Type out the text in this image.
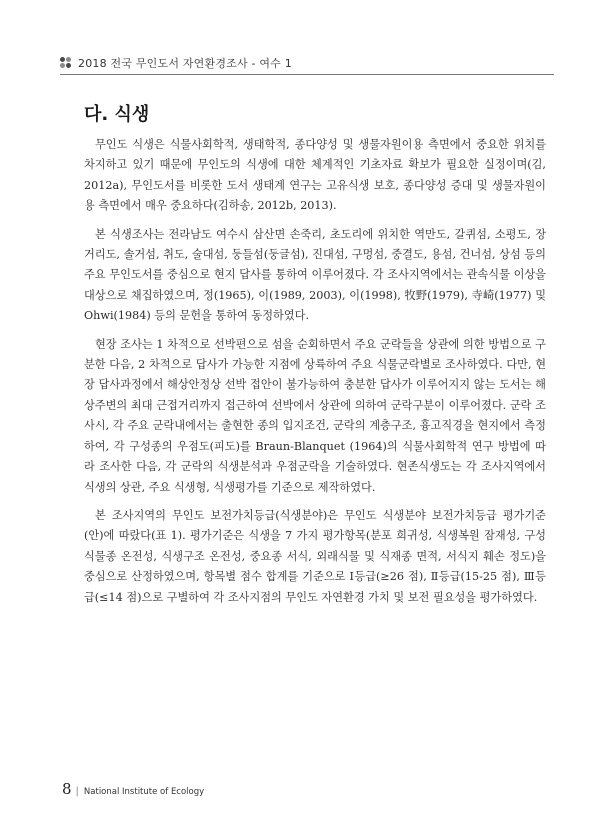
2018 전국 무인도서 자연환경조사 - 여수 1
다. 식생

무인도 식생은 식물사회학적, 생태학적, 종다양성 및 생물자원이용 측면에서 중요한 위치를 차지하고 있기 때문에 무인도의 식생에 대한 체계적인 기초자료 확보가 필요한 실정이며(김, 2012a), 무인도서를 비롯한 도서 생태계 연구는 고유식생 보호, 종다양성 증대 및 생물자원이용 측면에서 매우 중요하다(김하송, 2012b, 2013).

본 식생조사는 전라남도 여수시 삼산면 손죽리, 초도리에 위치한 역만도, 갈퀴섬, 소평도, 장거리도, 솔거섬, 취도, 술대섬, 둥들섬(둥글섬), 진대섬, 구멍섬, 중결도, 용섬, 건너섬, 상섬 등의 주요 무인도서를 중심으로 현지 답사를 통하여 이루어졌다. 각 조사지역에서는 관속식물 이상을 대상으로 채집하였으며, 정(1965), 이(1989, 2003), 이(1998), 牧野(1979), 寺崎(1977) 및 Ohwi(1984) 등의 문헌을 통하여 동정하였다.

현장 조사는 1 차적으로 선박편으로 섬을 순회하면서 주요 군락들을 상관에 의한 방법으로 구분한 다음, 2 차적으로 답사가 가능한 지점에 상륙하여 주요 식물군락별로 조사하였다. 다만, 현장 답사과정에서 해상안정상 선박 접안이 불가능하여 충분한 답사가 이루어지지 않는 도서는 해상주변의 최대 근접거리까지 접근하여 선박에서 상관에 의하여 군락구분이 이루어졌다. 군락 조사시, 각 주요 군락내에서는 출현한 종의 입지조건, 군락의 계층구조, 흉고직경을 현지에서 측정하여, 각 구성종의 우점도(피도)를 Braun-Blanquet (1964)의 식물사회학적 연구 방법에 따라 조사한 다음, 각 군락의 식생분석과 우점군락을 기술하였다. 현존식생도는 각 조사지역에서 식생의 상관, 주요 식생형, 식생평가를 기준으로 제작하였다.

본 조사지역의 무인도 보전가치등급(식생분야)은 무인도 식생분야 보전가치등급 평가기준(안)에 따랐다(표 1). 평가기준은 식생을 7 가지 평가항목(분포 희귀성, 식생복원 잠재성, 구성식물종 온전성, 식생구조 온전성, 중요종 서식, 외래식물 및 식재종 면적, 서식지 훼손 정도)을 중심으로 산정하였으며, 항목별 점수 합계를 기준으로 Ⅰ등급(≥26 점), Ⅱ등급(15-25 점), Ⅲ등급(≤14 점)으로 구별하여 각 조사지점의 무인도 자연환경 가치 및 보전 필요성을 평가하였다.

8 | National Institute of Ecology
